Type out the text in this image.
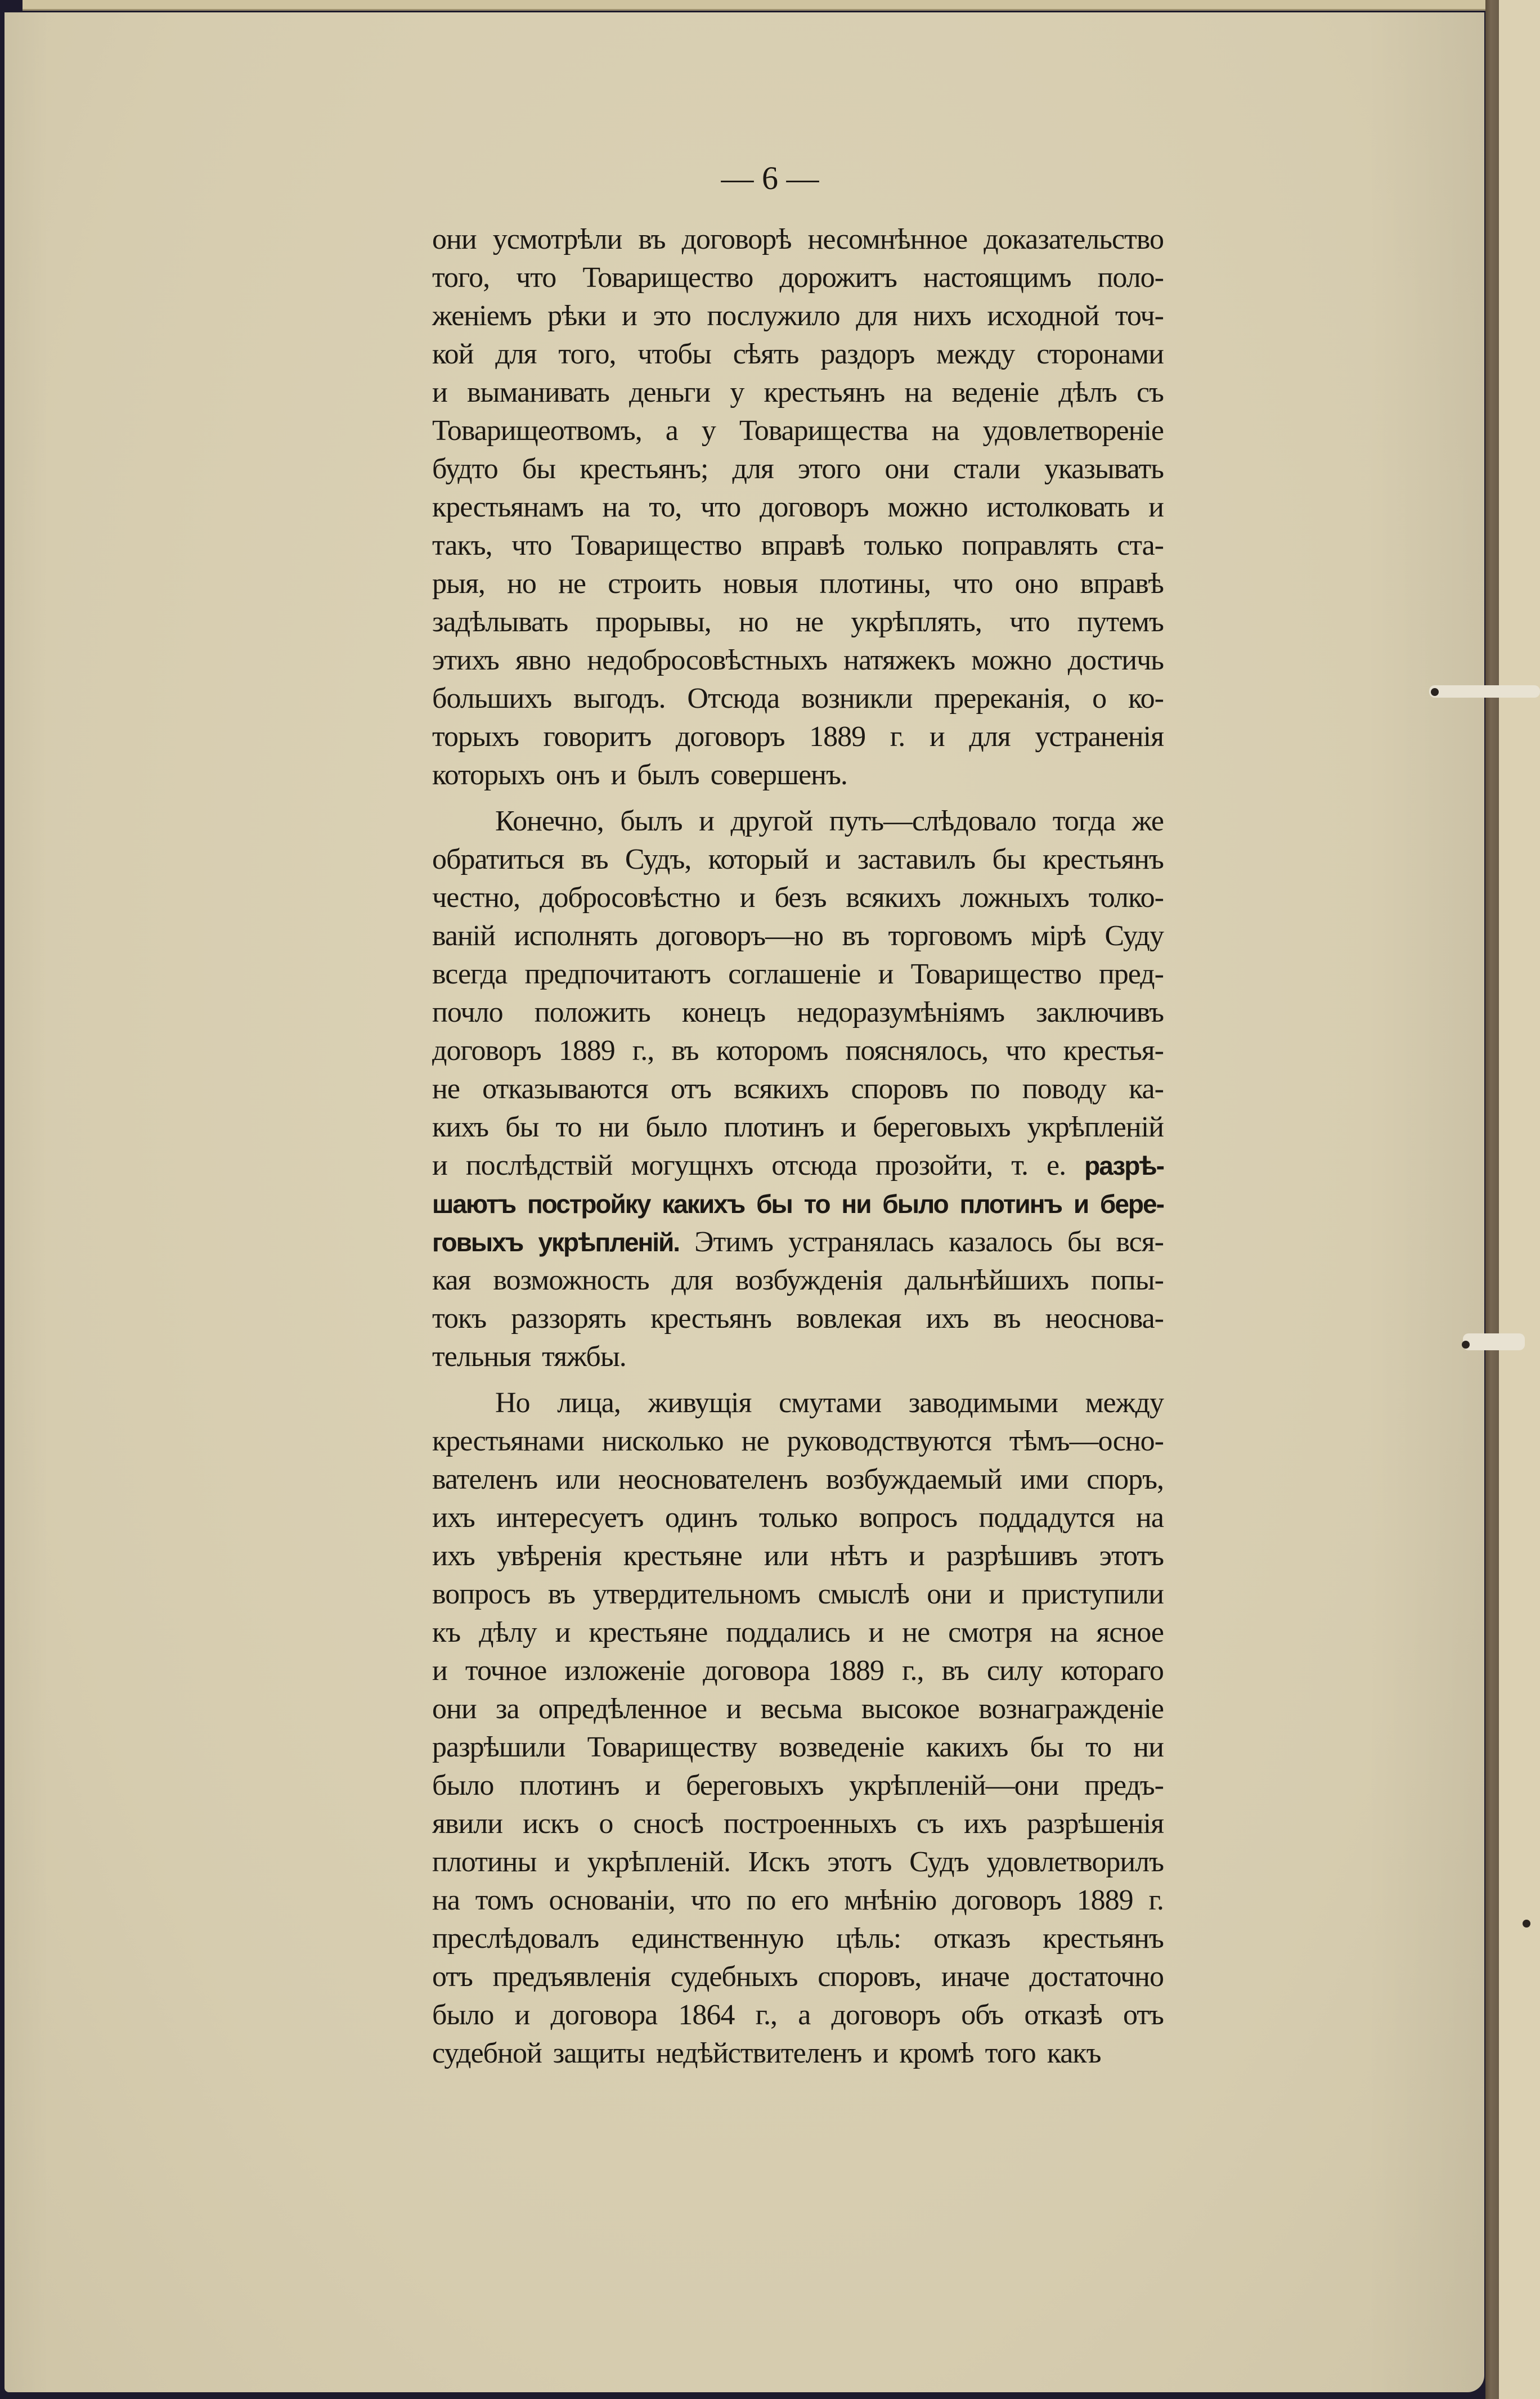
— 6 —
они усмотрѣли въ договорѣ несомнѣнное доказательство
того, что Товарищество дорожитъ настоящимъ поло-
женіемъ рѣки и это послужило для нихъ исходной точ-
кой для того, чтобы сѣять раздоръ между сторонами
и выманивать деньги у крестьянъ на веденіе дѣлъ съ
Товарищеотвомъ, а у Товарищества на удовлетвореніе
будто бы крестьянъ; для этого они стали указывать
крестьянамъ на то, что договоръ можно истолковать и
такъ, что Товарищество вправѣ только поправлять ста-
рыя, но не строить новыя плотины, что оно вправѣ
задѣлывать прорывы, но не укрѣплять, что путемъ
этихъ явно недобросовѣстныхъ натяжекъ можно достичь
большихъ выгодъ. Отсюда возникли пререканія, о ко-
торыхъ говоритъ договоръ 1889 г. и для устраненія
которыхъ онъ и былъ совершенъ.
Конечно, былъ и другой путь—слѣдовало тогда же
обратиться въ Судъ, который и заставилъ бы крестьянъ
честно, добросовѣстно и безъ всякихъ ложныхъ толко-
ваній исполнять договоръ—но въ торговомъ мірѣ Суду
всегда предпочитаютъ соглашеніе и Товарищество пред-
почло положить конецъ недоразумѣніямъ заключивъ
договоръ 1889 г., въ которомъ пояснялось, что крестья-
не отказываются отъ всякихъ споровъ по поводу ка-
кихъ бы то ни было плотинъ и береговыхъ укрѣпленій
и послѣдствій могущнхъ отсюда прозойти, т. е. разрѣ-
шаютъ постройку какихъ бы то ни было плотинъ и бере-
говыхъ укрѣпленій. Этимъ устранялась казалось бы вся-
кая возможность для возбужденія дальнѣйшихъ попы-
токъ раззорять крестьянъ вовлекая ихъ въ неоснова-
тельныя тяжбы.
Но лица, живущія смутами заводимыми между
крестьянами нисколько не руководствуются тѣмъ—осно-
вателенъ или неоснователенъ возбуждаемый ими споръ,
ихъ интересуетъ одинъ только вопросъ поддадутся на
ихъ увѣренія крестьяне или нѣтъ и разрѣшивъ этотъ
вопросъ въ утвердительномъ смыслѣ они и приступили
къ дѣлу и крестьяне поддались и не смотря на ясное
и точное изложеніе договора 1889 г., въ силу котораго
они за опредѣленное и весьма высокое вознагражденіе
разрѣшили Товариществу возведеніе какихъ бы то ни
было плотинъ и береговыхъ укрѣпленій—они предъ-
явили искъ о сносѣ построенныхъ съ ихъ разрѣшенія
плотины и укрѣпленій. Искъ этотъ Судъ удовлетворилъ
на томъ основаніи, что по его мнѣнію договоръ 1889 г.
преслѣдовалъ единственную цѣль: отказъ крестьянъ
отъ предъявленія судебныхъ споровъ, иначе достаточно
было и договора 1864 г., а договоръ объ отказѣ отъ
судебной защиты недѣйствителенъ и кромѣ того какъ
